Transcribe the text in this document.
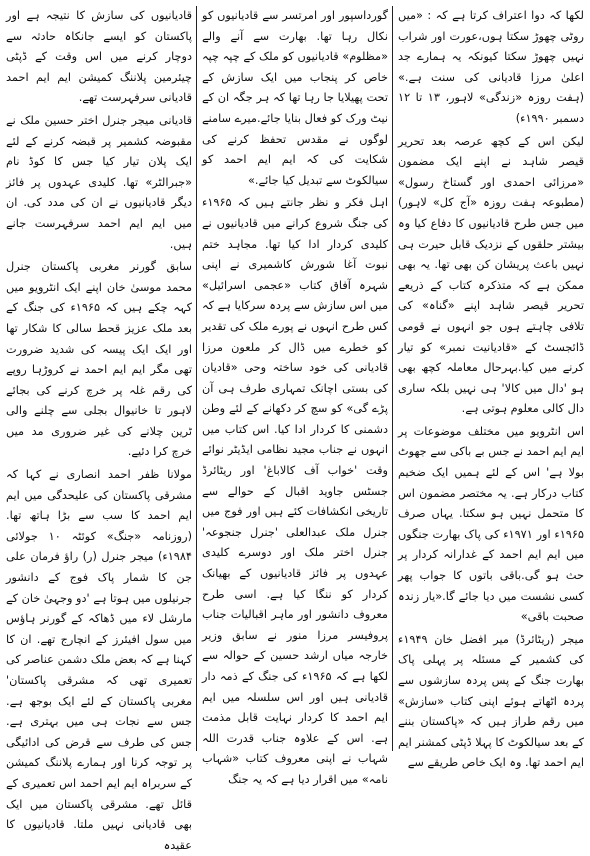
لکھا کہ دوا اعتراف کرتا ہے کہ : «میں روٹی چھوڑ سکتا ہوں،عورت اور شراب نہیں چھوڑ سکتا کیونکہ یہ ہمارے جد اعلیٰ مرزا قادیانی کی سنت ہے.» (ہفت روزہ «زندگی» لاہور، ۱۳ تا ۱۲ دسمبر ۱۹۹۰ء)

لیکن اس کے کچھ عرصہ بعد تحریر قیصر شاہد نے اپنے ایک مضمون «مرزائی احمدی اور گستاخ رسول» (مطبوعہ ہفت روزہ «آج کل» لاہور) میں جس طرح قادیانیوں کا دفاع کیا وہ بیشتر حلقوں کے نزدیک قابل حیرت ہی نہیں باعث پریشان کن بھی تھا. یہ بھی ممکن ہے کہ متذکرہ کتاب کے ذریعے تحریر قیصر شاہد اپنے «گناہ» کی تلافی چاہتے ہوں جو انہوں نے قومی ڈائجسٹ کے «قادیانیت نمبر» کو تیار کرنے میں کیا.بہرحال معاملہ کچھ بھی ہو 'دال میں کالا' ہی نہیں بلکہ ساری دال کالی معلوم ہوتی ہے.

اس انٹرویو میں مختلف موضوعات پر ایم ایم احمد نے جس بے باکی سے جھوٹ بولا ہے' اس کے لئے ہمیں ایک ضخیم کتاب درکار ہے. یہ مختصر مضمون اس کا متحمل نہیں ہو سکتا. یہاں صرف ۱۹۶۵ء اور ۱۹۷۱ء کی پاک بھارت جنگوں میں ایم ایم احمد کے غدارانہ کردار پر حث ہو گی.باقی باتوں کا جواب پھر کسی نشست میں دیا جائے گا.«یار زندہ صحبت باقی»

میجر (ریٹائرڈ) میر افضل خان ۱۹۴۹ء کی کشمیر کے مسئلہ پر پہلی پاک بھارت جنگ کے پس پردہ سازشوں سے پردہ اٹھاتے ہوئے اپنی کتاب «سازش» میں رقم طراز ہیں کہ «پاکستان بننے کے بعد سیالکوٹ کا پہلا ڈپٹی کمشنر ایم ایم احمد تھا. وہ ایک خاص طریقے سے

گورداسپور اور امرتسر سے قادیانیوں کو نکال رہا تھا. بھارت سے آنے والے «مظلوم» قادیانیوں کو ملک کے چپہ چپہ خاص کر پنجاب میں ایک سازش کے تحت پھیلایا جا رہا تھا کہ ہر جگہ ان کے نیٹ ورک کو فعال بنایا جائے.میرے سامنے لوگوں نے مقدس تحفظ کرنے کی شکایت کی کہ ایم ایم احمد کو سیالکوٹ سے تبدیل کیا جائے.»

اہل فکر و نظر جانتے ہیں کہ ۱۹۶۵ء کی جنگ شروع کرانے میں قادیانیوں نے کلیدی کردار ادا کیا تھا. مجاہد ختم نبوت آغا شورش کاشمیری نے اپنی شہرہ آفاق کتاب «عجمی اسرائیل» میں اس سازش سے پردہ سرکایا ہے کہ کس طرح انہوں نے پورے ملک کی تقدیر کو خطرے میں ڈال کر ملعون مرزا قادیانی کی خود ساختہ وحی «قادیان کی بستی اچانک تمہاری طرف ہی آن پڑے گی» کو سچ کر دکھانے کے لئے وطن دشمنی کا کردار ادا کیا. اس کتاب میں انہوں نے جناب مجید نظامی ایڈیٹر نوائے وقت 'خواب آف کالاباغ' اور ریٹائرڈ جسٹس جاوید اقبال کے حوالے سے تاریخی انکشافات کئے ہیں اور فوج میں جنرل ملک عبدالعلی 'جنرل جنجوعہ' جنرل اختر ملک اور دوسرے کلیدی عہدوں پر فائز قادیانیوں کے بھیانک کردار کو ننگا کیا ہے. اسی طرح معروف دانشور اور ماہر اقبالیات جناب پروفیسر مرزا منور نے سابق وزیر خارجہ میاں ارشد حسین کے حوالہ سے لکھا ہے کہ ۱۹۶۵ء کی جنگ کے ذمہ دار قادیانی ہیں اور اس سلسلہ میں ایم ایم احمد کا کردار نہایت قابل مذمت ہے. اس کے علاوہ جناب قدرت اللہ شہاب نے اپنی معروف کتاب «شہاب نامہ» میں اقرار دیا ہے کہ یہ جنگ

قادیانیوں کی سازش کا نتیجہ ہے اور پاکستان کو ایسے جانکاہ حادثہ سے دوچار کرنے میں اس وقت کے ڈپٹی چیئرمین پلاننگ کمیشن ایم ایم احمد قادیانی سرفہرست تھے.

قادیانی میجر جنرل اختر حسین ملک نے مقبوضہ کشمیر پر قبضہ کرنے کے لئے ایک پلان تیار کیا جس کا کوڈ نام «جبرالٹر» تھا. کلیدی عہدوں پر فائز دیگر قادیانیوں نے ان کی مدد کی. ان میں ایم ایم احمد سرفہرست جانے ہیں.

سابق گورنر مغربی پاکستان جنرل محمد موسیٰ خان اپنے ایک انٹرویو میں کہہ چکے ہیں کہ ۱۹۶۵ء کی جنگ کے بعد ملک عزیز قحط سالی کا شکار تھا اور ایک ایک پیسہ کی شدید ضرورت تھی مگر ایم ایم احمد نے کروڑہا روپے کی رقم غلہ پر خرچ کرنے کی بجائے لاہور تا خانیوال بجلی سے چلنے والی ٹرین چلانے کی غیر ضروری مد میں خرچ کرا دئیے.

مولانا ظفر احمد انصاری نے کہا کہ مشرقی پاکستان کی علیحدگی میں ایم ایم احمد کا سب سے بڑا ہاتھ تھا. (روزنامہ «جنگ» کوئٹہ ۱۰ جولائی ۱۹۸۴ء) میجر جنرل (ر) راؤ فرمان علی جن کا شمار پاک فوج کے دانشور جرنیلوں میں ہوتا ہے 'دو وجہیٰ خان کے مارشل لاء میں ڈھاکہ کے گورنر ہاؤس میں سول افیئرز کے انچارج تھے. ان کا کہنا ہے کہ بعض ملک دشمن عناصر کی تعمیری تھی کہ مشرقی پاکستان' مغربی پاکستان کے لئے ایک بوجھ ہے. جس سے نجات ہی میں بہتری ہے. جس کی طرف سے قرض کی ادائیگی پر توجہ کرنا اور ہمارے پلاننگ کمیشن کے سربراہ ایم ایم احمد اس تعمیری کے قائل تھے. مشرقی پاکستان میں ایک بھی قادیانی نہیں ملتا. قادیانیوں کا عقیدہ
